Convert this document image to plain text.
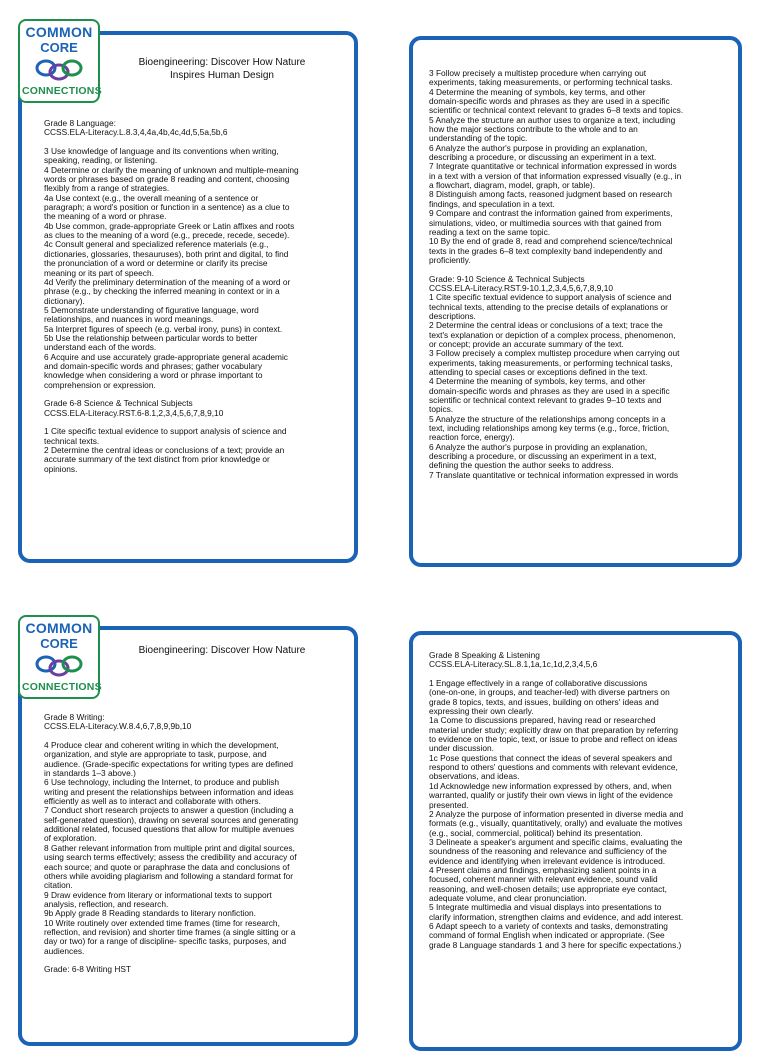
Bioengineering: Discover How Nature
Inspires Human Design
Grade 8 Language:
CCSS.ELA-Literacy.L.8.3,4,4a,4b,4c,4d,5,5a,5b,6

3 Use knowledge of language and its conventions when writing,
speaking, reading, or listening.
4 Determine or clarify the meaning of unknown and multiple-meaning
words or phrases based on grade 8 reading and content, choosing
flexibly from a range of strategies.
4a Use context (e.g., the overall meaning of a sentence or
paragraph; a word's position or function in a sentence) as a clue to
the meaning of a word or phrase.
4b Use common, grade-appropriate Greek or Latin affixes and roots
as clues to the meaning of a word (e.g., precede, recede, secede).
4c Consult general and specialized reference materials (e.g.,
dictionaries, glossaries, thesauruses), both print and digital, to find
the pronunciation of a word or determine or clarify its precise
meaning or its part of speech.
4d Verify the preliminary determination of the meaning of a word or
phrase (e.g., by checking the inferred meaning in context or in a
dictionary).
5 Demonstrate understanding of figurative language, word
relationships, and nuances in word meanings.
5a Interpret figures of speech (e.g. verbal irony, puns) in context.
5b Use the relationship between particular words to better
understand each of the words.
6 Acquire and use accurately grade-appropriate general academic
and domain-specific words and phrases; gather vocabulary
knowledge when considering a word or phrase important to
comprehension or expression.

Grade 6-8 Science & Technical Subjects
CCSS.ELA-Literacy.RST.6-8.1,2,3,4,5,6,7,8,9,10

1 Cite specific textual evidence to support analysis of science and
technical texts.
2 Determine the central ideas or conclusions of a text; provide an
accurate summary of the text distinct from prior knowledge or
opinions.
COMMON
CORE
CONNECTIONS
3 Follow precisely a multistep procedure when carrying out
experiments, taking measurements, or performing technical tasks.
4 Determine the meaning of symbols, key terms, and other
domain-specific words and phrases as they are used in a specific
scientific or technical context relevant to grades 6–8 texts and topics.
5 Analyze the structure an author uses to organize a text, including
how the major sections contribute to the whole and to an
understanding of the topic.
6 Analyze the author's purpose in providing an explanation,
describing a procedure, or discussing an experiment in a text.
7 Integrate quantitative or technical information expressed in words
in a text with a version of that information expressed visually (e.g., in
a flowchart, diagram, model, graph, or table).
8 Distinguish among facts, reasoned judgment based on research
findings, and speculation in a text.
9 Compare and contrast the information gained from experiments,
simulations, video, or multimedia sources with that gained from
reading a text on the same topic.
10 By the end of grade 8, read and comprehend science/technical
texts in the grades 6–8 text complexity band independently and
proficiently.

Grade: 9-10 Science & Technical Subjects
CCSS.ELA-Literacy.RST.9-10.1,2,3,4,5,6,7,8,9,10
1 Cite specific textual evidence to support analysis of science and
technical texts, attending to the precise details of explanations or
descriptions.
2 Determine the central ideas or conclusions of a text; trace the
text's explanation or depiction of a complex process, phenomenon,
or concept; provide an accurate summary of the text.
3 Follow precisely a complex multistep procedure when carrying out
experiments, taking measurements, or performing technical tasks,
attending to special cases or exceptions defined in the text.
4 Determine the meaning of symbols, key terms, and other
domain-specific words and phrases as they are used in a specific
scientific or technical context relevant to grades 9–10 texts and
topics.
5 Analyze the structure of the relationships among concepts in a
text, including relationships among key terms (e.g., force, friction,
reaction force, energy).
6 Analyze the author's purpose in providing an explanation,
describing a procedure, or discussing an experiment in a text,
defining the question the author seeks to address.
7 Translate quantitative or technical information expressed in words
Bioengineering: Discover How Nature
Grade 8 Writing:
CCSS.ELA-Literacy.W.8.4,6,7,8,9,9b,10

4 Produce clear and coherent writing in which the development,
organization, and style are appropriate to task, purpose, and
audience. (Grade-specific expectations for writing types are defined
in standards 1–3 above.)
6 Use technology, including the Internet, to produce and publish
writing and present the relationships between information and ideas
efficiently as well as to interact and collaborate with others.
7 Conduct short research projects to answer a question (including a
self-generated question), drawing on several sources and generating
additional related, focused questions that allow for multiple avenues
of exploration.
8 Gather relevant information from multiple print and digital sources,
using search terms effectively; assess the credibility and accuracy of
each source; and quote or paraphrase the data and conclusions of
others while avoiding plagiarism and following a standard format for
citation.
9 Draw evidence from literary or informational texts to support
analysis, reflection, and research.
9b Apply grade 8 Reading standards to literary nonfiction.
10 Write routinely over extended time frames (time for research,
reflection, and revision) and shorter time frames (a single sitting or a
day or two) for a range of discipline- specific tasks, purposes, and
audiences.

Grade: 6-8 Writing HST
COMMON
CORE
CONNECTIONS
Grade 8 Speaking & Listening
CCSS.ELA-Literacy.SL.8.1,1a,1c,1d,2,3,4,5,6

1 Engage effectively in a range of collaborative discussions
(one-on-one, in groups, and teacher-led) with diverse partners on
grade 8 topics, texts, and issues, building on others' ideas and
expressing their own clearly.
1a Come to discussions prepared, having read or researched
material under study; explicitly draw on that preparation by referring
to evidence on the topic, text, or issue to probe and reflect on ideas
under discussion.
1c Pose questions that connect the ideas of several speakers and
respond to others' questions and comments with relevant evidence,
observations, and ideas.
1d Acknowledge new information expressed by others, and, when
warranted, qualify or justify their own views in light of the evidence
presented.
2 Analyze the purpose of information presented in diverse media and
formats (e.g., visually, quantitatively, orally) and evaluate the motives
(e.g., social, commercial, political) behind its presentation.
3 Delineate a speaker's argument and specific claims, evaluating the
soundness of the reasoning and relevance and sufficiency of the
evidence and identifying when irrelevant evidence is introduced.
4 Present claims and findings, emphasizing salient points in a
focused, coherent manner with relevant evidence, sound valid
reasoning, and well-chosen details; use appropriate eye contact,
adequate volume, and clear pronunciation.
5 Integrate multimedia and visual displays into presentations to
clarify information, strengthen claims and evidence, and add interest.
6 Adapt speech to a variety of contexts and tasks, demonstrating
command of formal English when indicated or appropriate. (See
grade 8 Language standards 1 and 3 here for specific expectations.)
